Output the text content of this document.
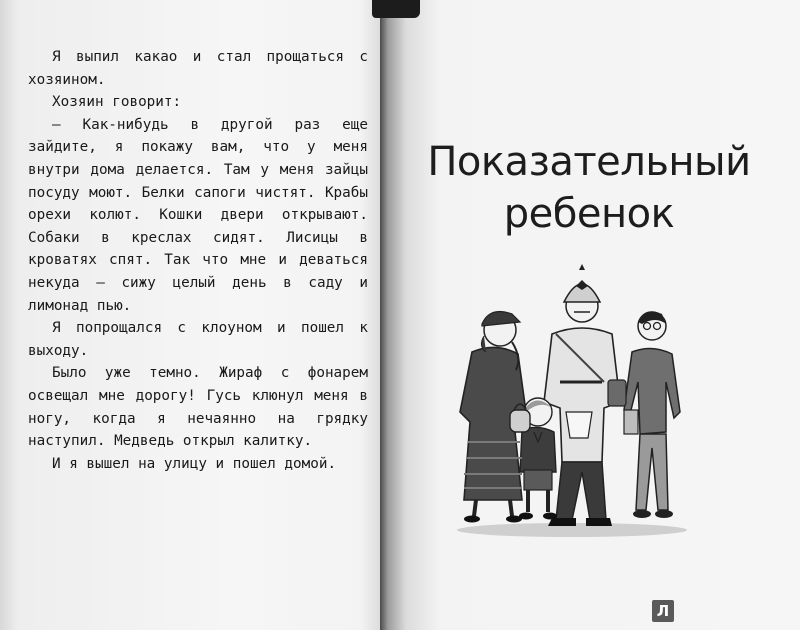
Я выпил какао и стал прощаться с хозяином.

Хозяин говорит:

— Как-нибудь в другой раз еще зайдите, я покажу вам, что у меня внутри дома делается. Там у меня зайцы посуду моют. Белки сапоги чистят. Крабы орехи колют. Кошки двери открывают. Собаки в креслах сидят. Лисицы в кроватях спят. Так что мне и деваться некуда — сижу целый день в саду и лимонад пью.

Я попрощался с клоуном и пошел к выходу.

Было уже темно. Жираф с фонарем освещал мне дорогу! Гусь клюнул меня в ногу, когда я нечаянно на грядку наступил. Медведь открыл калитку.

И я вышел на улицу и пошел домой.

Показательный
ребенок
Л
